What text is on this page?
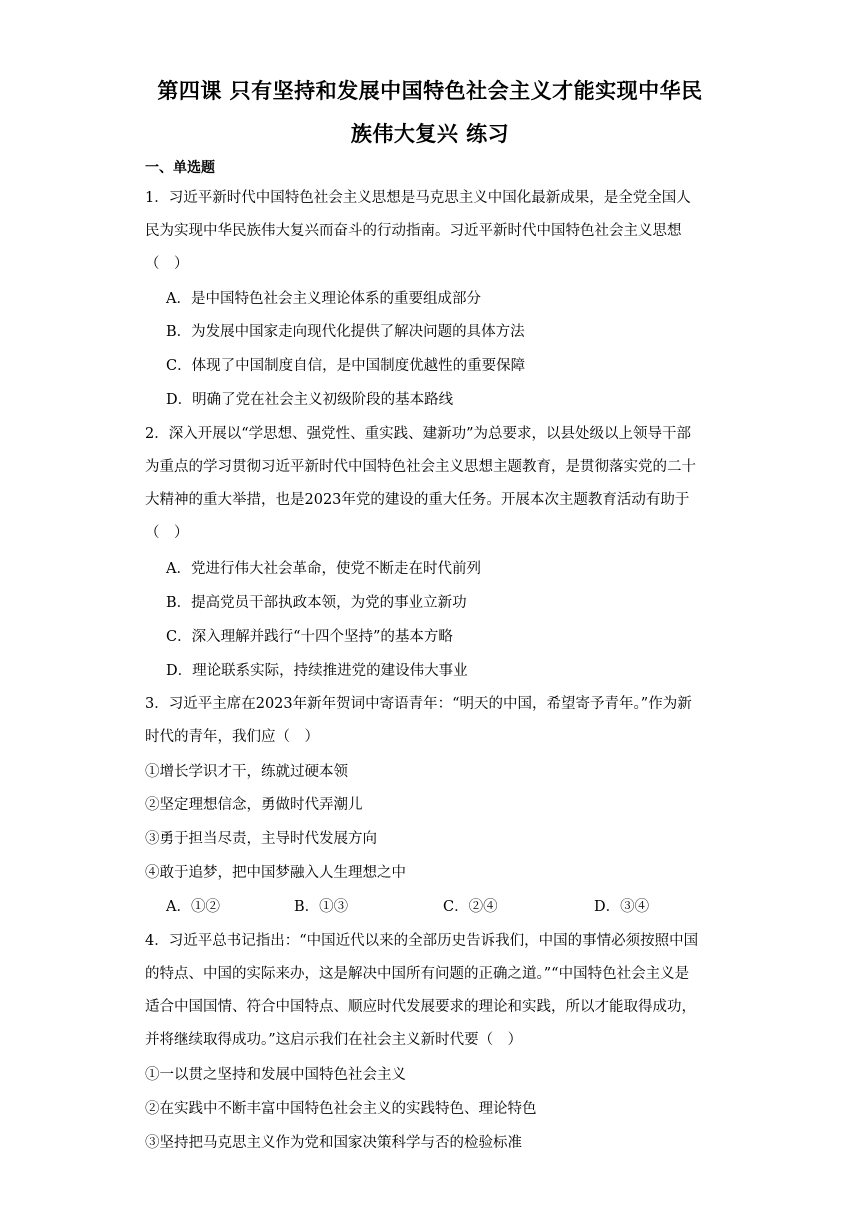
第四课 只有坚持和发展中国特色社会主义才能实现中华民
族伟大复兴 练习
一、单选题
1．习近平新时代中国特色社会主义思想是马克思主义中国化最新成果，是全党全国人
民为实现中华民族伟大复兴而奋斗的行动指南。习近平新时代中国特色社会主义思想
（　）
A．是中国特色社会主义理论体系的重要组成部分
B．为发展中国家走向现代化提供了解决问题的具体方法
C．体现了中国制度自信，是中国制度优越性的重要保障
D．明确了党在社会主义初级阶段的基本路线
2．深入开展以“学思想、强党性、重实践、建新功”为总要求，以县处级以上领导干部
为重点的学习贯彻习近平新时代中国特色社会主义思想主题教育，是贯彻落实党的二十
大精神的重大举措，也是2023年党的建设的重大任务。开展本次主题教育活动有助于
（　）
A．党进行伟大社会革命，使党不断走在时代前列
B．提高党员干部执政本领，为党的事业立新功
C．深入理解并践行“十四个坚持”的基本方略
D．理论联系实际，持续推进党的建设伟大事业
3．习近平主席在2023年新年贺词中寄语青年：“明天的中国，希望寄予青年。”作为新
时代的青年，我们应（　）
①增长学识才干，练就过硬本领
②坚定理想信念，勇做时代弄潮儿
③勇于担当尽责，主导时代发展方向
④敢于追梦，把中国梦融入人生理想之中
A．①②	B．①③	C．②④	D．③④
4．习近平总书记指出：“中国近代以来的全部历史告诉我们，中国的事情必须按照中国
的特点、中国的实际来办，这是解决中国所有问题的正确之道。”“中国特色社会主义是
适合中国国情、符合中国特点、顺应时代发展要求的理论和实践，所以才能取得成功，
并将继续取得成功。”这启示我们在社会主义新时代要（　）
①一以贯之坚持和发展中国特色社会主义
②在实践中不断丰富中国特色社会主义的实践特色、理论特色
③坚持把马克思主义作为党和国家决策科学与否的检验标准
